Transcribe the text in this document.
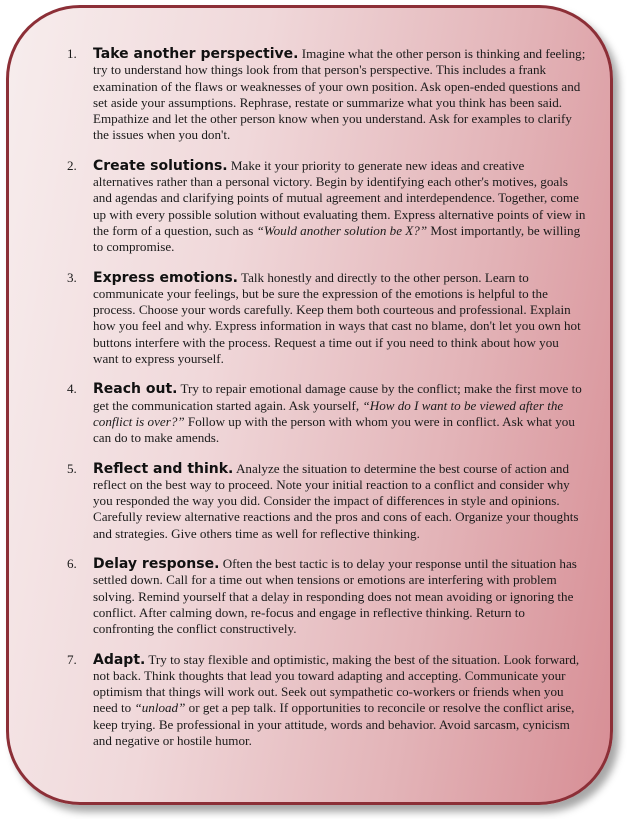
1. Take another perspective. Imagine what the other person is thinking and feeling; try to understand how things look from that person's perspective. This includes a frank examination of the flaws or weaknesses of your own position. Ask open-ended questions and set aside your assumptions. Rephrase, restate or summarize what you think has been said. Empathize and let the other person know when you understand. Ask for examples to clarify the issues when you don't.
2. Create solutions. Make it your priority to generate new ideas and creative alternatives rather than a personal victory. Begin by identifying each other's motives, goals and agendas and clarifying points of mutual agreement and interdependence. Together, come up with every possible solution without evaluating them. Express alternative points of view in the form of a question, such as “Would another solution be X?” Most importantly, be willing to compromise.
3. Express emotions. Talk honestly and directly to the other person. Learn to communicate your feelings, but be sure the expression of the emotions is helpful to the process. Choose your words carefully. Keep them both courteous and professional. Explain how you feel and why. Express information in ways that cast no blame, don't let you own hot buttons interfere with the process. Request a time out if you need to think about how you want to express yourself.
4. Reach out. Try to repair emotional damage cause by the conflict; make the first move to get the communication started again. Ask yourself, “How do I want to be viewed after the conflict is over?” Follow up with the person with whom you were in conflict. Ask what you can do to make amends.
5. Reflect and think. Analyze the situation to determine the best course of action and reflect on the best way to proceed. Note your initial reaction to a conflict and consider why you responded the way you did. Consider the impact of differences in style and opinions. Carefully review alternative reactions and the pros and cons of each. Organize your thoughts and strategies. Give others time as well for reflective thinking.
6. Delay response. Often the best tactic is to delay your response until the situation has settled down. Call for a time out when tensions or emotions are interfering with problem solving. Remind yourself that a delay in responding does not mean avoiding or ignoring the conflict. After calming down, re-focus and engage in reflective thinking. Return to confronting the conflict constructively.
7. Adapt. Try to stay flexible and optimistic, making the best of the situation. Look forward, not back. Think thoughts that lead you toward adapting and accepting. Communicate your optimism that things will work out. Seek out sympathetic co-workers or friends when you need to “unload” or get a pep talk. If opportunities to reconcile or resolve the conflict arise, keep trying. Be professional in your attitude, words and behavior. Avoid sarcasm, cynicism and negative or hostile humor.
